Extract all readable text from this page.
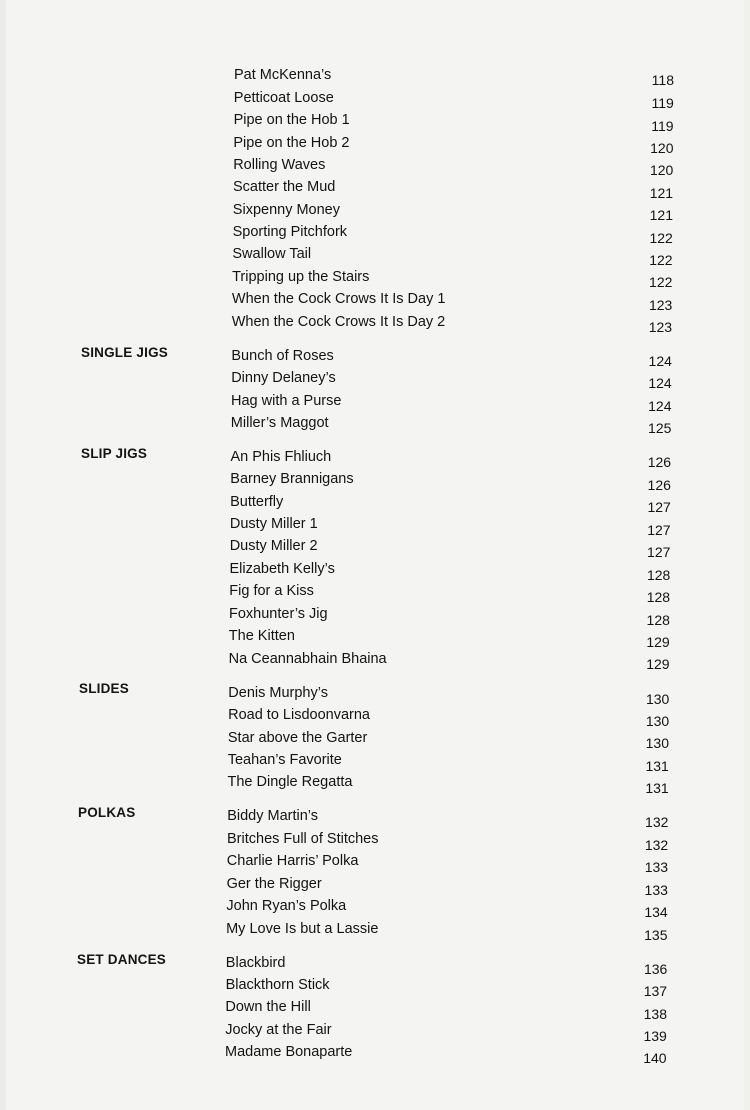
Pat McKenna’s	118
Petticoat Loose	119
Pipe on the Hob 1	119
Pipe on the Hob 2	120
Rolling Waves	120
Scatter the Mud	121
Sixpenny Money	121
Sporting Pitchfork	122
Swallow Tail	122
Tripping up the Stairs	122
When the Cock Crows It Is Day 1	123
When the Cock Crows It Is Day 2	123
SINGLE JIGS	Bunch of Roses	124
Dinny Delaney’s	124
Hag with a Purse	124
Miller’s Maggot	125
SLIP JIGS	An Phis Fhliuch	126
Barney Brannigans	126
Butterfly	127
Dusty Miller 1	127
Dusty Miller 2	127
Elizabeth Kelly’s	128
Fig for a Kiss	128
Foxhunter’s Jig	128
The Kitten	129
Na Ceannabhain Bhaina	129
SLIDES	Denis Murphy’s	130
Road to Lisdoonvarna	130
Star above the Garter	130
Teahan’s Favorite	131
The Dingle Regatta	131
POLKAS	Biddy Martin’s	132
Britches Full of Stitches	132
Charlie Harris’ Polka	133
Ger the Rigger	133
John Ryan’s Polka	134
My Love Is but a Lassie	135
SET DANCES	Blackbird	136
Blackthorn Stick	137
Down the Hill	138
Jocky at the Fair	139
Madame Bonaparte	140
